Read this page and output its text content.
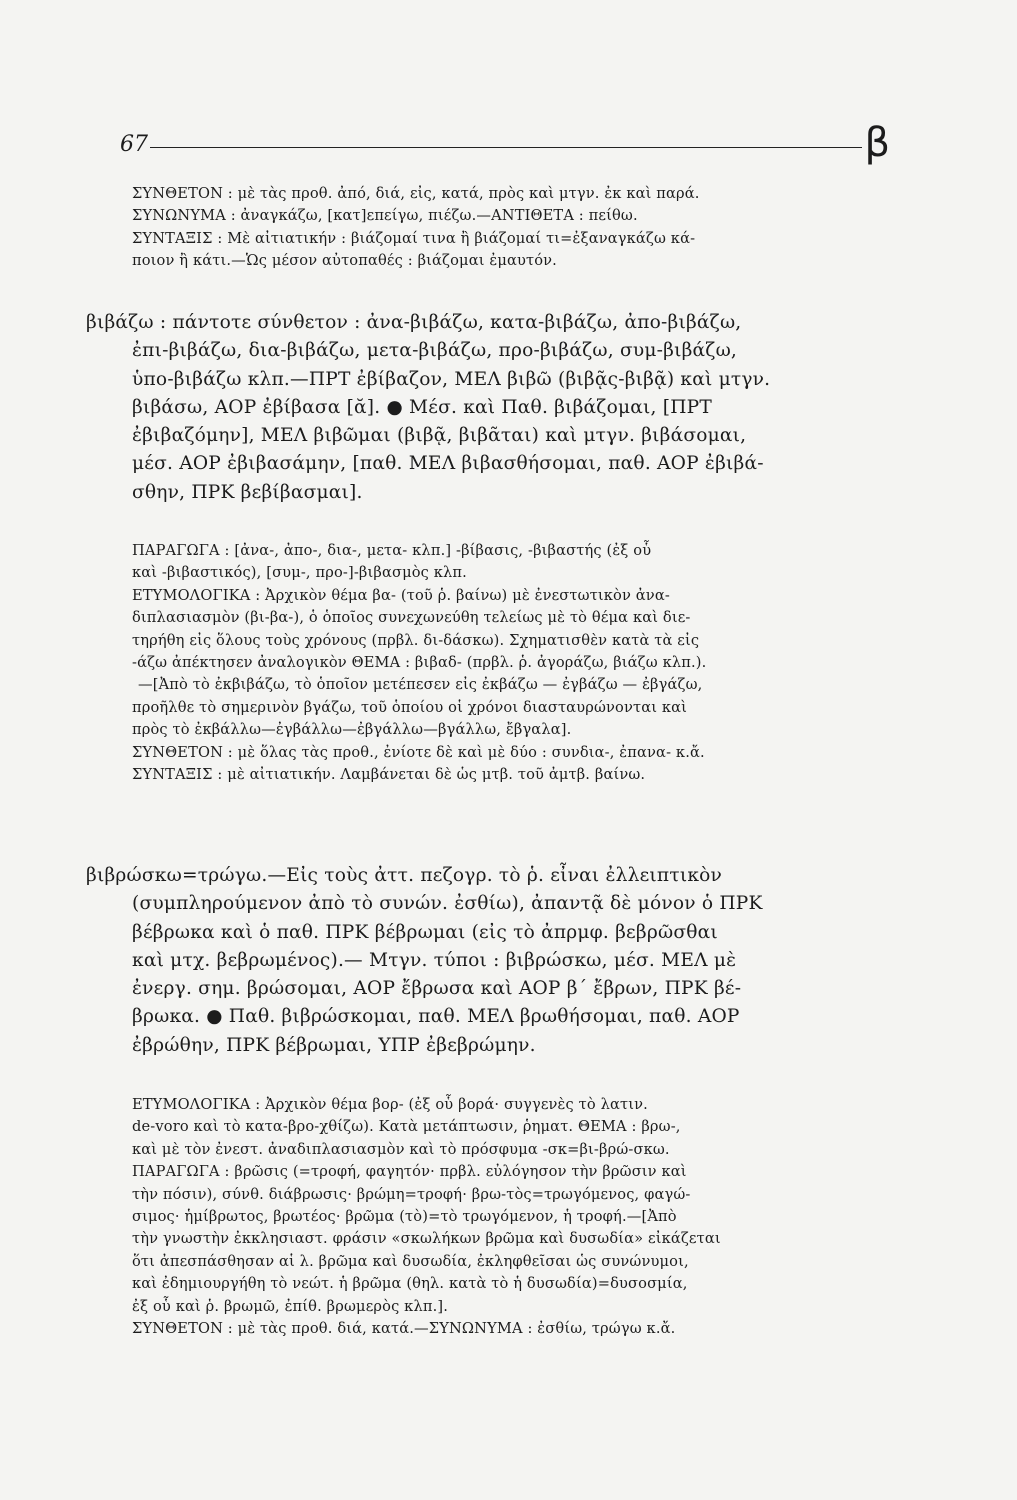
67	β

ΣΥΝΘΕΤΟΝ : μὲ τὰς προθ. ἀπό, διά, εἰς, κατά, πρὸς καὶ μτγν. ἐκ καὶ παρά.

ΣΥΝΩΝΥΜΑ : ἀναγκάζω, [κατ]επείγω, πιέζω.—ΑΝΤΙΘΕΤΑ : πείθω.

ΣΥΝΤΑΞΙΣ : Μὲ αἰτιατικήν : βιάζομαί τινα ἢ βιάζομαί τι=ἐξαναγκάζω κά-

ποιον ἢ κάτι.—Ὡς μέσον αὐτοπαθές : βιάζομαι ἐμαυτόν.

βιβάζω : πάντοτε σύνθετον : ἀνα-βιβάζω, κατα-βιβάζω, ἀπο-βιβάζω,

ἐπι-βιβάζω, δια-βιβάζω, μετα-βιβάζω, προ-βιβάζω, συμ-βιβάζω,

ὑπο-βιβάζω κλπ.—ΠΡΤ ἐβίβαζον, ΜΕΛ βιβῶ (βιβᾷς-βιβᾷ) καὶ μτγν.

βιβάσω, ΑΟΡ ἐβίβασα [ᾰ]. ● Μέσ. καὶ Παθ. βιβάζομαι, [ΠΡΤ

ἐβιβαζόμην], ΜΕΛ βιβῶμαι (βιβᾷ, βιβᾶται) καὶ μτγν. βιβάσομαι,

μέσ. ΑΟΡ ἐβιβασάμην, [παθ. ΜΕΛ βιβασθήσομαι, παθ. ΑΟΡ ἐβιβά-

σθην, ΠΡΚ βεβίβασμαι].

ΠΑΡΑΓΩΓΑ : [ἀνα-, ἀπο-, δια-, μετα- κλπ.] -βίβασις, -βιβαστής (ἐξ οὗ

καὶ -βιβαστικός), [συμ-, προ-]-βιβασμὸς κλπ.

ΕΤΥΜΟΛΟΓΙΚΑ : Ἀρχικὸν θέμα βα- (τοῦ ῥ. βαίνω) μὲ ἐνεστωτικὸν ἀνα-

διπλασιασμὸν (βι-βα-), ὁ ὁποῖος συνεχωνεύθη τελείως μὲ τὸ θέμα καὶ διε-

τηρήθη εἰς ὅλους τοὺς χρόνους (πρβλ. δι-δάσκω). Σχηματισθὲν κατὰ τὰ εἰς

-άζω ἀπέκτησεν ἀναλογικὸν ΘΕΜΑ : βιβαδ- (πρβλ. ῥ. ἀγοράζω, βιάζω κλπ.).

—[Ἀπὸ τὸ ἐκβιβάζω, τὸ ὁποῖον μετέπεσεν εἰς ἐκβάζω — ἐγβάζω — ἐβγάζω,

προῆλθε τὸ σημερινὸν βγάζω, τοῦ ὁποίου οἱ χρόνοι διασταυρώνονται καὶ

πρὸς τὸ ἐκβάλλω—ἐγβάλλω—ἐβγάλλω—βγάλλω, ἔβγαλα].

ΣΥΝΘΕΤΟΝ : μὲ ὅλας τὰς προθ., ἐνίοτε δὲ καὶ μὲ δύο : συνδια-, ἐπανα- κ.ἄ.

ΣΥΝΤΑΞΙΣ : μὲ αἰτιατικήν. Λαμβάνεται δὲ ὡς μτβ. τοῦ ἀμτβ. βαίνω.

βιβρώσκω=τρώγω.—Εἰς τοὺς ἀττ. πεζογρ. τὸ ῥ. εἶναι ἐλλειπτικὸν

(συμπληρούμενον ἀπὸ τὸ συνών. ἐσθίω), ἀπαντᾷ δὲ μόνον ὁ ΠΡΚ

βέβρωκα καὶ ὁ παθ. ΠΡΚ βέβρωμαι (εἰς τὸ ἀπρμφ. βεβρῶσθαι

καὶ μτχ. βεβρωμένος).— Μτγν. τύποι : βιβρώσκω, μέσ. ΜΕΛ μὲ

ἐνεργ. σημ. βρώσομαι, ΑΟΡ ἔβρωσα καὶ ΑΟΡ β΄ ἔβρων, ΠΡΚ βέ-

βρωκα. ● Παθ. βιβρώσκομαι, παθ. ΜΕΛ βρωθήσομαι, παθ. ΑΟΡ

ἐβρώθην, ΠΡΚ βέβρωμαι, ΥΠΡ ἐβεβρώμην.

ΕΤΥΜΟΛΟΓΙΚΑ : Ἀρχικὸν θέμα βορ- (ἐξ οὗ βορά· συγγενὲς τὸ λατιν.

de-voro καὶ τὸ κατα-βρο-χθίζω). Κατὰ μετάπτωσιν, ῥηματ. ΘΕΜΑ : βρω-,

καὶ μὲ τὸν ἐνεστ. ἀναδιπλασιασμὸν καὶ τὸ πρόσφυμα -σκ=βι-βρώ-σκω.

ΠΑΡΑΓΩΓΑ : βρῶσις (=τροφή, φαγητόν· πρβλ. εὐλόγησον τὴν βρῶσιν καὶ

τὴν πόσιν), σύνθ. διάβρωσις· βρώμη=τροφή· βρω-τὸς=τρωγόμενος, φαγώ-

σιμος· ἡμίβρωτος, βρωτέος· βρῶμα (τὸ)=τὸ τρωγόμενον, ἡ τροφή.—[Ἀπὸ

τὴν γνωστὴν ἐκκλησιαστ. φράσιν «σκωλήκων βρῶμα καὶ δυσωδία» εἰκάζεται

ὅτι ἀπεσπάσθησαν αἱ λ. βρῶμα καὶ δυσωδία, ἐκληφθεῖσαι ὡς συνώνυμοι,

καὶ ἐδημιουργήθη τὸ νεώτ. ἡ βρῶμα (θηλ. κατὰ τὸ ἡ δυσωδία)=δυσοσμία,

ἐξ οὗ καὶ ῥ. βρωμῶ, ἐπίθ. βρωμερὸς κλπ.].

ΣΥΝΘΕΤΟΝ : μὲ τὰς προθ. διά, κατά.—ΣΥΝΩΝΥΜΑ : ἐσθίω, τρώγω κ.ἄ.
